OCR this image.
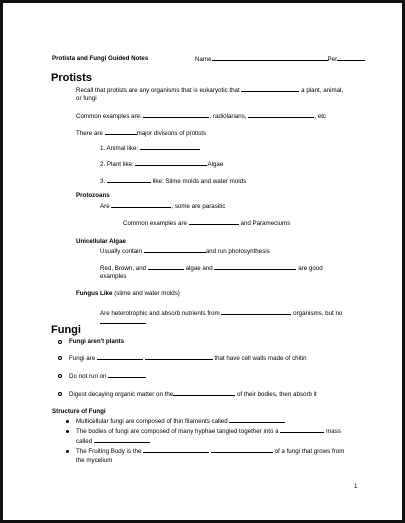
Protista and Fungi Guided Notes	Name	Per
Protists
Recall that protists are any organisms that is eukaryotic that	a plant, animal,
or fungi
Common examples are:	, radiolarians,	, etc
There are	major divisions of protists
1. Animal like:
2. Plant like:	Algae
3.	like: Slime molds and water molds
Protozoans
Are	, some are parasitic
Common examples are	and Parameciums
Unicellular Algae
Usually contain	and run photosynthesis
Red, Brown, and	algae and	are good
examples
Fungus Like (slime and water molds)
Are heterotrophic and absorb nutrients from	organisms, but no
Fungi
Fungi aren't plants
Fungi are	that have cell walls made of chitin
Do not run on
Digest decaying organic matter on the	of their bodies, then absorb it
Structure of Fungi
Multicellular fungi are composed of thin filaments called
The bodies of fungi are composed of many hyphae tangled together into a	mass
called
The Fruiting Body is the	of a fungi that grows from
the mycelium
1
